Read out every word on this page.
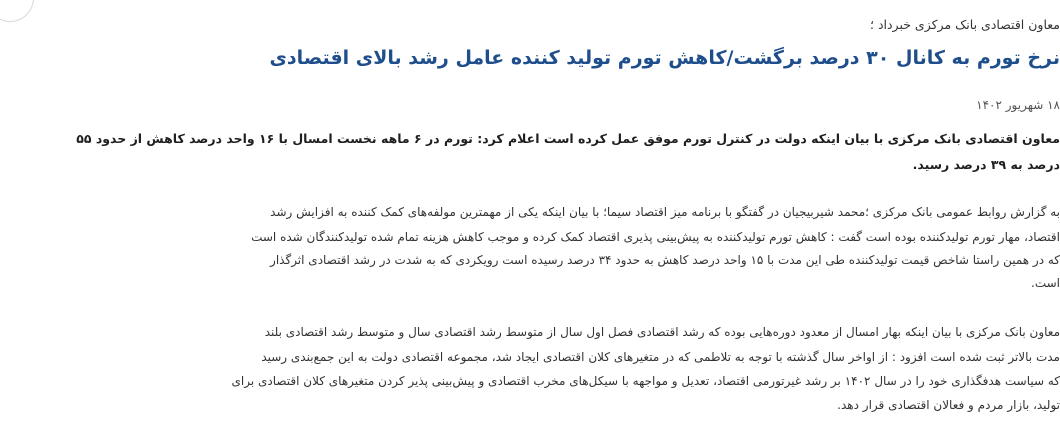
معاون اقتصادی بانک مرکزی خبرداد ؛
نرخ تورم به کانال ۳۰ درصد برگشت/کاهش تورم تولید کننده عامل رشد بالای اقتصادی
۱۸ شهریور ۱۴۰۲
معاون اقتصادی بانک مرکزی با بیان اینکه دولت در کنترل تورم موفق عمل کرده است اعلام کرد: تورم در ۶ ماهه نخست امسال با ۱۶ واحد درصد کاهش از حدود ۵۵
درصد به ۳۹ درصد رسید.
به گزارش روابط عمومی بانک مرکزی ؛محمد شیربیجیان در گفتگو با برنامه میز اقتصاد سیما؛ با بیان اینکه یکی از مهمترین مولفه‌های کمک کننده به افزایش رشد
اقتصاد، مهار تورم تولیدکننده بوده است گفت : کاهش تورم تولیدکننده به پیش‌بینی پذیری اقتصاد کمک کرده و موجب کاهش هزینه تمام شده تولیدکنندگان شده است
که در همین راستا شاخص قیمت تولیدکننده طی این مدت با ۱۵ واحد درصد کاهش به حدود ۳۴ درصد رسیده است رویکردی که به شدت در رشد اقتصادی اثرگذار
است.
معاون بانک مرکزی با بیان اینکه بهار امسال از معدود دوره‌هایی بوده که رشد اقتصادی فصل اول سال از متوسط رشد اقتصادی سال و متوسط رشد اقتصادی بلند
مدت بالاتر ثبت شده است افزود : از اواخر سال گذشته با توجه به تلاطمی که در متغیرهای کلان اقتصادی ایجاد شد، مجموعه اقتصادی دولت به این جمع‌بندی رسید
که سیاست هدفگذاری خود را در سال ۱۴۰۲ بر رشد غیرتورمی اقتصاد، تعدیل و مواجهه با سیکل‌های مخرب اقتصادی و پیش‌بینی پذیر کردن متغیرهای کلان اقتصادی برای
تولید، بازار مردم و فعالان اقتصادی قرار دهد.
